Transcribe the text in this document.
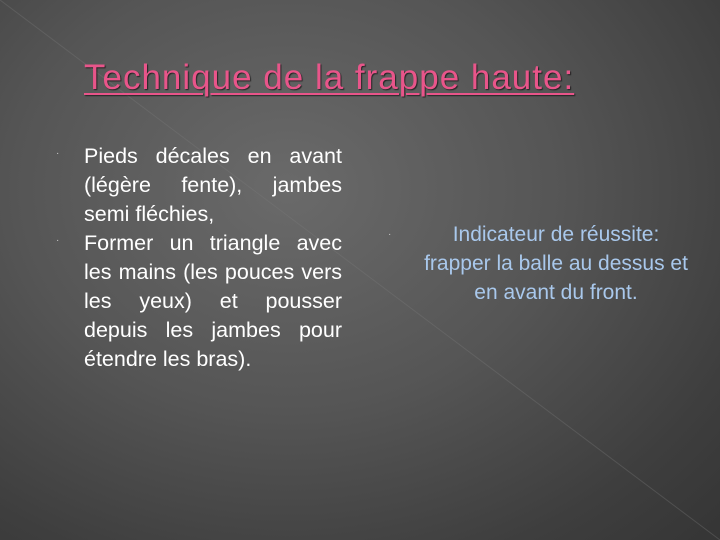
Technique de la frappe haute:
· Pieds décales en avant (légère fente), jambes semi fléchies,
· Former un triangle avec les mains (les pouces vers les yeux) et pousser depuis les jambes pour étendre les bras).
·	Indicateur de réussite: frapper la balle au dessus et en avant du front.
